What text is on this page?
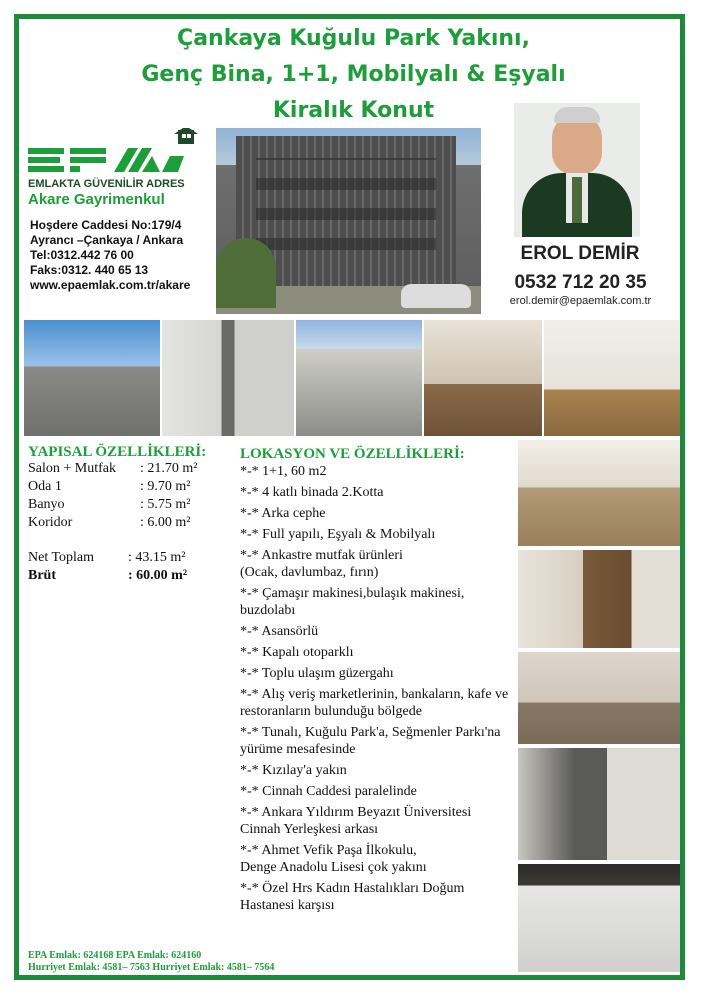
Çankaya Kuğulu Park Yakını,
Genç Bina, 1+1, Mobilyalı & Eşyalı
Kiralık Konut
EMLAKTA GÜVENİLİR ADRES
Akare Gayrimenkul
Hoşdere Caddesi No:179/4
Ayrancı –Çankaya / Ankara
Tel:0312.442 76 00
Faks:0312. 440 65 13
www.epaemlak.com.tr/akare
EROL DEMİR
0532 712 20 35
erol.demir@epaemlak.com.tr
YAPISAL ÖZELLİKLERİ:
Salon + Mutfak : 21.70 m²
Oda 1	: 9.70 m²
Banyo	: 5.75 m²
Koridor	: 6.00 m²
Net Toplam : 43.15 m²
Brüt	: 60.00 m²
LOKASYON VE ÖZELLİKLERİ:
*-* 1+1, 60 m2
*-* 4 katlı binada 2.Kotta
*-* Arka cephe
*-* Full yapılı, Eşyalı & Mobilyalı
*-* Ankastre mutfak ürünleri
(Ocak, davlumbaz, fırın)
*-* Çamaşır makinesi,bulaşık makinesi, buzdolabı
*-* Asansörlü
*-* Kapalı otoparklı
*-* Toplu ulaşım güzergahı
*-* Alış veriş marketlerinin, bankaların, kafe ve restoranların bulunduğu bölgede
*-* Tunalı, Kuğulu Park'a, Seğmenler Parkı'na yürüme mesafesinde
*-* Kızılay'a yakın
*-* Cinnah Caddesi paralelinde
*-* Ankara Yıldırım Beyazıt Üniversitesi Cinnah Yerleşkesi arkası
*-* Ahmet Vefik Paşa İlkokulu,
Denge Anadolu Lisesi çok yakını
*-* Özel Hrs Kadın Hastalıkları Doğum Hastanesi karşısı
EPA Emlak: 624168 EPA Emlak: 624160
Hurriyet Emlak: 4581– 7563 Hurriyet Emlak: 4581– 7564
